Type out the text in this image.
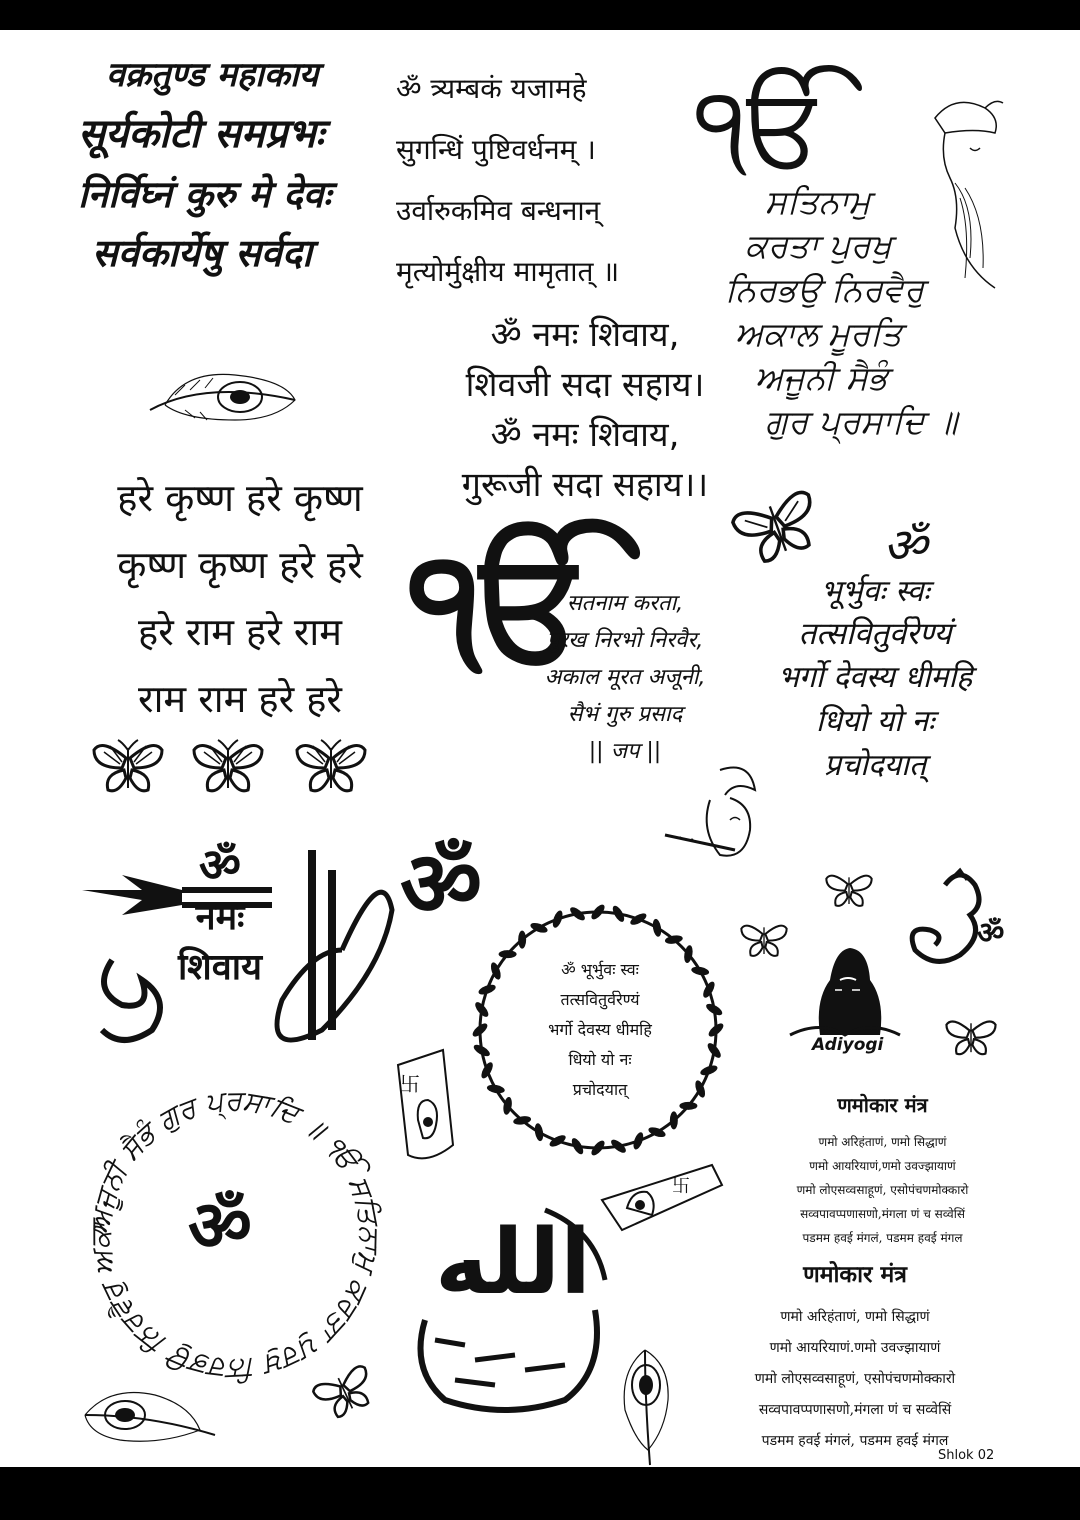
वक्रतुण्ड महाकाय
सूर्यकोटी समप्रभः
निर्विघ्नं कुरु मे देवः
सर्वकार्येषु सर्वदा
ॐ त्र्यम्बकं यजामहे
सुगन्धिं पुष्टिवर्धनम् ।
उर्वारुकमिव बन्धनान्
मृत्योर्मुक्षीय मामृतात् ॥
ੴ
ਸਤਿਨਾਮੁ
ਕਰਤਾ ਪੁਰਖੁ
ਨਿਰਭਉ ਨਿਰਵੈਰੁ
ਅਕਾਲ ਮੂਰਤਿ
ਅਜੂਨੀ ਸੈਭੰ
ਗੁਰ ਪ੍ਰਸਾਦਿ ॥
ॐ नमः शिवाय,
शिवजी सदा सहाय।
ॐ नमः शिवाय,
गुरूजी सदा सहाय।।
हरे कृष्ण हरे कृष्ण
कृष्ण कृष्ण हरे हरे
हरे राम हरे राम
राम राम हरे हरे
ੴ
सतनाम करता,
पुरख निरभो निरवैर,
अकाल मूरत अजूनी,
सैभं गुरु प्रसाद
|| जप ||
ॐ
भूर्भुवः स्वः
तत्सवितुर्वरेण्यं
भर्गो देवस्य धीमहि
धियो यो नः
प्रचोदयात्
ॐ
नमः
शिवाय
ॐ
ॐ भूर्भुवः स्वः
तत्सवितुर्वरेण्यं
भर्गो देवस्य धीमहि
धियो यो नः
प्रचोदयात्
ॐ
Adiyogi
卐
卐
ਅਜੂਨੀ ਸੈਭੰ ਗੁਰ ਪ੍ਰਸਾਦਿ ॥ ੴ ਸਤਿਨਾਮੁ ਕਰਤਾ ਪੁਰਖੁ ਨਿਰਭਉ ਨਿਰਵੈਰੁ ਅਕਾਲ ਮੂਰਤਿ
ॐ الله
णमोकार मंत्र
णमो अरिहंताणं, णमो सिद्धाणं
णमो आयरियाणं,णमो उवज्झायाणं
णमो लोएसव्वसाहूणं, एसोपंचणमोक्कारो
सव्वपावप्पणासणो,मंगला णं च सव्वेसिं
पडमम हवई मंगलं, पडमम हवई मंगल
णमोकार मंत्र
णमो अरिहंताणं, णमो सिद्धाणं
णमो आयरियाणं.णमो उवज्झायाणं
णमो लोएसव्वसाहूणं, एसोपंचणमोक्कारो
सव्वपावप्पणासणो,मंगला णं च सव्वेसिं
पडमम हवई मंगलं, पडमम हवई मंगल
Shlok 02
